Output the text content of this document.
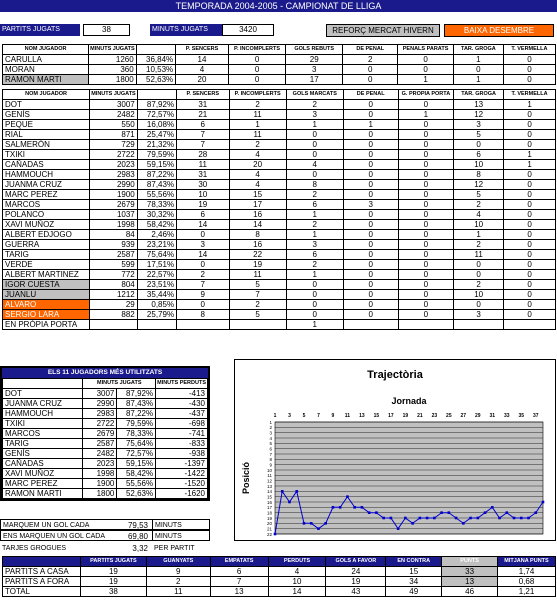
TEMPORADA 2004-2005 - CAMPIONAT DE LLIGA
PARTITS JUGATS	38	MINUTS JUGATS	3420	REFORÇ MERCAT HIVERN	BAIXA DESEMBRE
NOM JUGADOR	MINUTS JUGATS		P. SENCERS	P. INCOMPLERTS	GOLS REBUTS	DE PENAL	PENALS PARATS	TAR. GROGA	T. VERMELLA
CARULLA	1260	36,84%	14	0	29	2	0	1	0
MORAN	360	10,53%	4	0	3	0	0	0	0
RAMON MARTI	1800	52,63%	20	0	17	0	1	1	0
NOM JUGADOR	MINUTS JUGATS		P. SENCERS	P. INCOMPLERTS	GOLS MARCATS	DE PENAL	G. PROPIA PORTA	TAR. GROGA	T. VERMELLA
DOT	3007	87,92%	31	2	2	0	0	13	1
GENÍS	2482	72,57%	21	11	3	0	1	12	0
PEQUE	550	16,08%	6	1	1	1	0	3	0
RIAL	871	25,47%	7	11	0	0	0	5	0
SALMERÓN	729	21,32%	7	2	0	0	0	0	0
TXIKI	2722	79,59%	28	4	0	0	0	6	1
CAÑADAS	2023	59,15%	11	20	4	0	0	10	1
HAMMOUCH	2983	87,22%	31	4	0	0	0	8	0
JUANMA CRUZ	2990	87,43%	30	4	8	0	0	12	0
MARC PEREZ	1900	55,56%	10	15	2	0	0	5	0
MARCOS	2679	78,33%	19	17	6	3	0	2	0
POLANCO	1037	30,32%	6	16	1	0	0	4	0
XAVI MUÑOZ	1998	58,42%	14	14	2	0	0	10	0
ALBERT EDJOGO	84	2,46%	0	8	1	0	0	1	0
GUERRA	939	23,21%	3	16	3	0	0	2	0
TARIG	2587	75,64%	14	22	6	0	0	11	0
VERDE	599	17,51%	0	19	2	0	0	0	0
ALBERT MARTINEZ	772	22,57%	2	11	1	0	0	0	0
IGOR CUESTA	804	23,51%	7	5	0	0	0	2	0
JUANLU	1212	35,44%	9	7	0	0	0	10	0
ALVARO	29	0,85%	0	2	0	0	0	0	0
SERGIO LARA	882	25,79%	8	5	0	0	0	3	0
EN PRÒPIA PORTA					1				
ELS 11 JUGADORS MÉS UTILITZATS
	MINUTS JUGATS		MINUTS PERDUTS
DOT	3007	87,92%	-413
JUANMA CRUZ	2990	87,43%	-430
HAMMOUCH	2983	87,22%	-437
TXIKI	2722	79,59%	-698
MARCOS	2679	78,33%	-741
TARIG	2587	75,64%	-833
GENÍS	2482	72,57%	-938
CAÑADAS	2023	59,15%	-1397
XAVI MUÑOZ	1998	58,42%	-1422
MARC PEREZ	1900	55,56%	-1520
RAMON MARTI	1800	52,63%	-1620
MARQUEM UN GOL CADA	79,53	MINUTS
ENS MARQUEN UN GOL CADA	69,80	MINUTS
TARJES GROGUES	3,32 PER PARTIT
Trajectòria
Jornada
Posició
1
2
3
4
5
6
7
8
9
10
11
12
13
14
15
16
17
18
19
20
21
22
1 3 5 7 9 11 13 15 17 19 21 23 25 27 29 31 33 35 37
	PARTITS JUGATS	GUANYATS	EMPATATS	PERDUTS	GOLS A FAVOR	EN CONTRA	PUNTS	MITJANA PUNTS
PARTITS A CASA	19	9	6	4	24	15	33	1,74
PARTITS A FORA	19	2	7	10	19	34	13	0,68
TOTAL	38	11	13	14	43	49	46	1,21
